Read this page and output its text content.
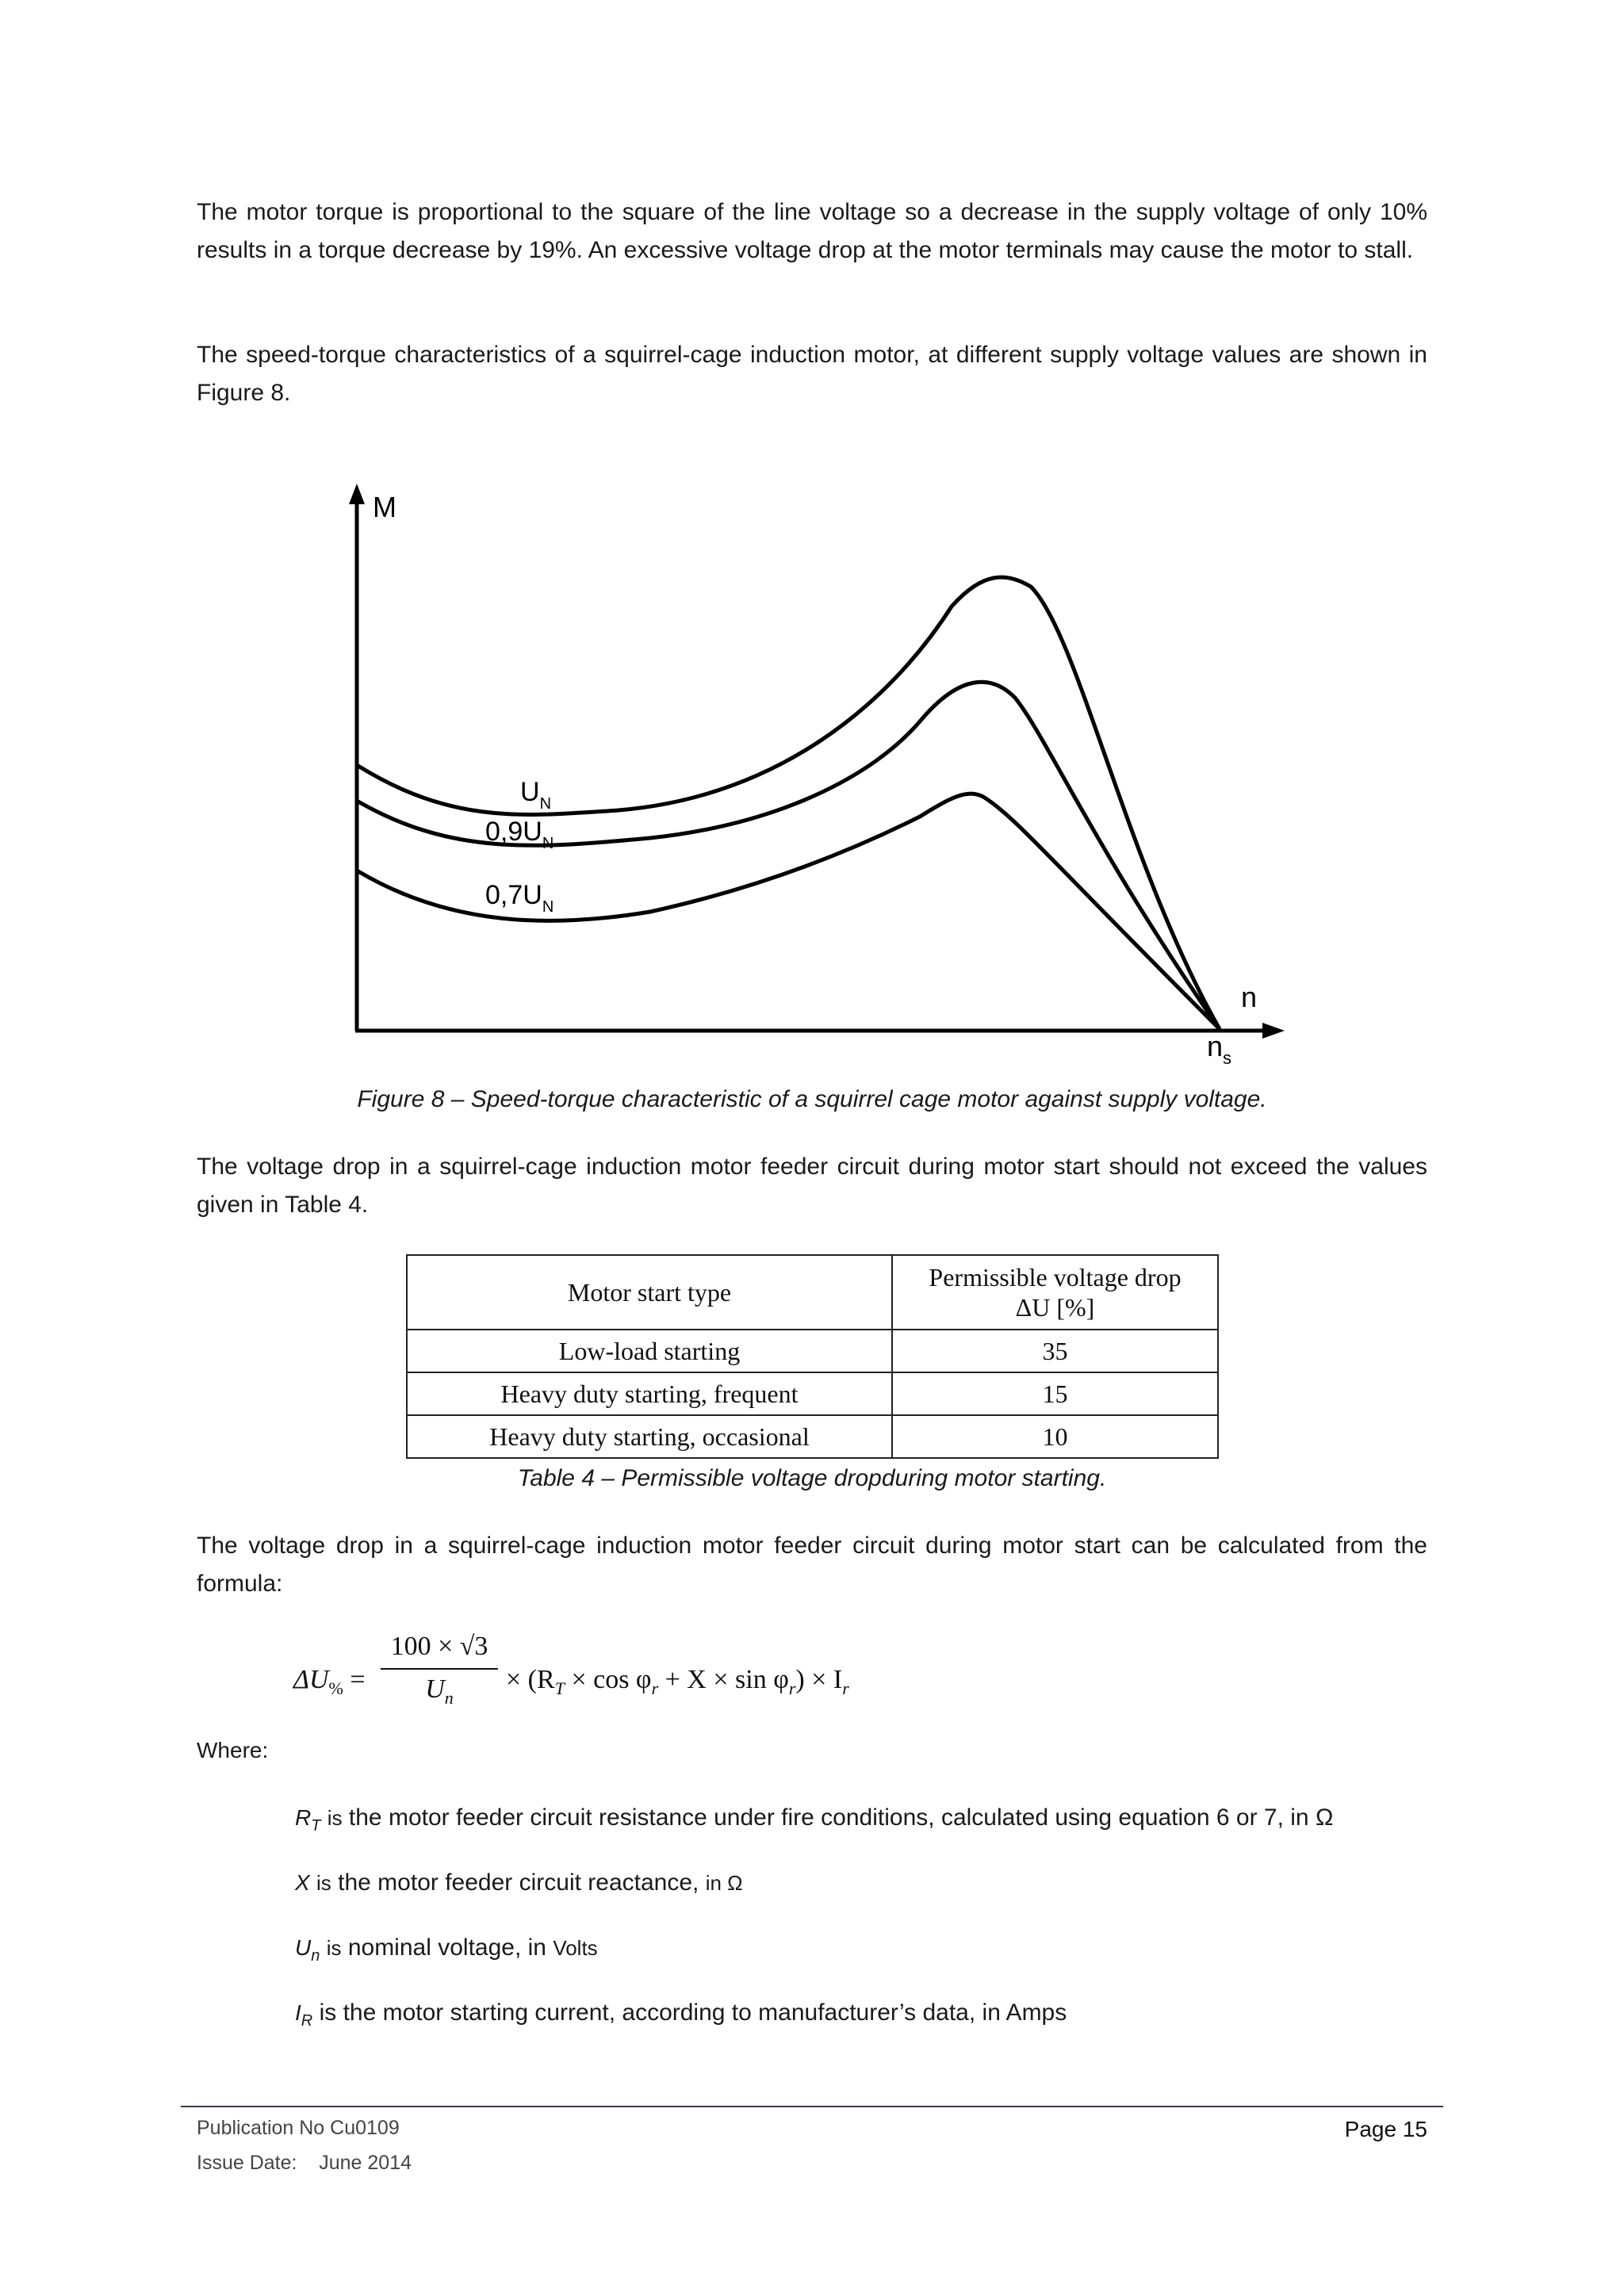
The motor torque is proportional to the square of the line voltage so a decrease in the supply voltage of only 10% results in a torque decrease by 19%. An excessive voltage drop at the motor terminals may cause the motor to stall.

The speed-torque characteristics of a squirrel-cage induction motor, at different supply voltage values are shown in Figure 8.

M
n
$n_s$
$U_N$
$0,9U_N$
$0,7U_N$

Figure 8 – Speed-torque characteristic of a squirrel cage motor against supply voltage.

The voltage drop in a squirrel-cage induction motor feeder circuit during motor start should not exceed the values given in Table 4.

Motor start type	Permissible voltage drop
ΔU [%]
Low-load starting	35
Heavy duty starting, frequent	15
Heavy duty starting, occasional	10

Table 4 – Permissible voltage dropduring motor starting.

The voltage drop in a squirrel-cage induction motor feeder circuit during motor start can be calculated from the formula:

$\Delta U_{\%}$ =
100 × √3
$U_n$
× $(R_T \times \cos \varphi_r + X \times \sin \varphi_r) \times I_r$

Where:

$R_T$ is the motor feeder circuit resistance under fire conditions, calculated using equation 6 or 7, in Ω

X is the motor feeder circuit reactance, in Ω

$U_n$ is nominal voltage, in Volts

$I_R$ is the motor starting current, according to manufacturer’s data, in Amps

Publication No Cu0109

Issue Date: June 2014

Page 15
